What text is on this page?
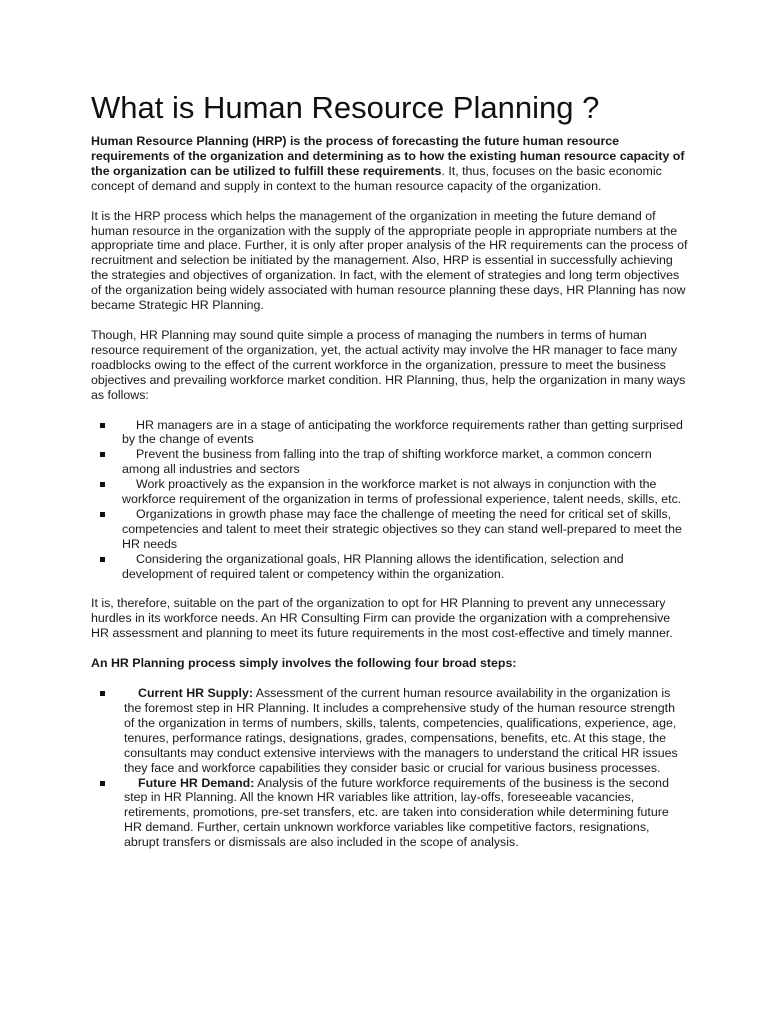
What is Human Resource Planning ?

Human Resource Planning (HRP) is the process of forecasting the future human resource requirements of the organization and determining as to how the existing human resource capacity of the organization can be utilized to fulfill these requirements. It, thus, focuses on the basic economic concept of demand and supply in context to the human resource capacity of the organization.

It is the HRP process which helps the management of the organization in meeting the future demand of human resource in the organization with the supply of the appropriate people in appropriate numbers at the appropriate time and place. Further, it is only after proper analysis of the HR requirements can the process of recruitment and selection be initiated by the management. Also, HRP is essential in successfully achieving the strategies and objectives of organization. In fact, with the element of strategies and long term objectives of the organization being widely associated with human resource planning these days, HR Planning has now became Strategic HR Planning.

Though, HR Planning may sound quite simple a process of managing the numbers in terms of human resource requirement of the organization, yet, the actual activity may involve the HR manager to face many roadblocks owing to the effect of the current workforce in the organization, pressure to meet the business objectives and prevailing workforce market condition. HR Planning, thus, help the organization in many ways as follows:

HR managers are in a stage of anticipating the workforce requirements rather than getting surprised by the change of events
Prevent the business from falling into the trap of shifting workforce market, a common concern among all industries and sectors
Work proactively as the expansion in the workforce market is not always in conjunction with the workforce requirement of the organization in terms of professional experience, talent needs, skills, etc.
Organizations in growth phase may face the challenge of meeting the need for critical set of skills, competencies and talent to meet their strategic objectives so they can stand well-prepared to meet the HR needs
Considering the organizational goals, HR Planning allows the identification, selection and development of required talent or competency within the organization.

It is, therefore, suitable on the part of the organization to opt for HR Planning to prevent any unnecessary hurdles in its workforce needs. An HR Consulting Firm can provide the organization with a comprehensive HR assessment and planning to meet its future requirements in the most cost-effective and timely manner.

An HR Planning process simply involves the following four broad steps:
Current HR Supply: Assessment of the current human resource availability in the organization is the foremost step in HR Planning. It includes a comprehensive study of the human resource strength of the organization in terms of numbers, skills, talents, competencies, qualifications, experience, age, tenures, performance ratings, designations, grades, compensations, benefits, etc. At this stage, the consultants may conduct extensive interviews with the managers to understand the critical HR issues they face and workforce capabilities they consider basic or crucial for various business processes.
Future HR Demand: Analysis of the future workforce requirements of the business is the second step in HR Planning. All the known HR variables like attrition, lay-offs, foreseeable vacancies, retirements, promotions, pre-set transfers, etc. are taken into consideration while determining future HR demand. Further, certain unknown workforce variables like competitive factors, resignations, abrupt transfers or dismissals are also included in the scope of analysis.
